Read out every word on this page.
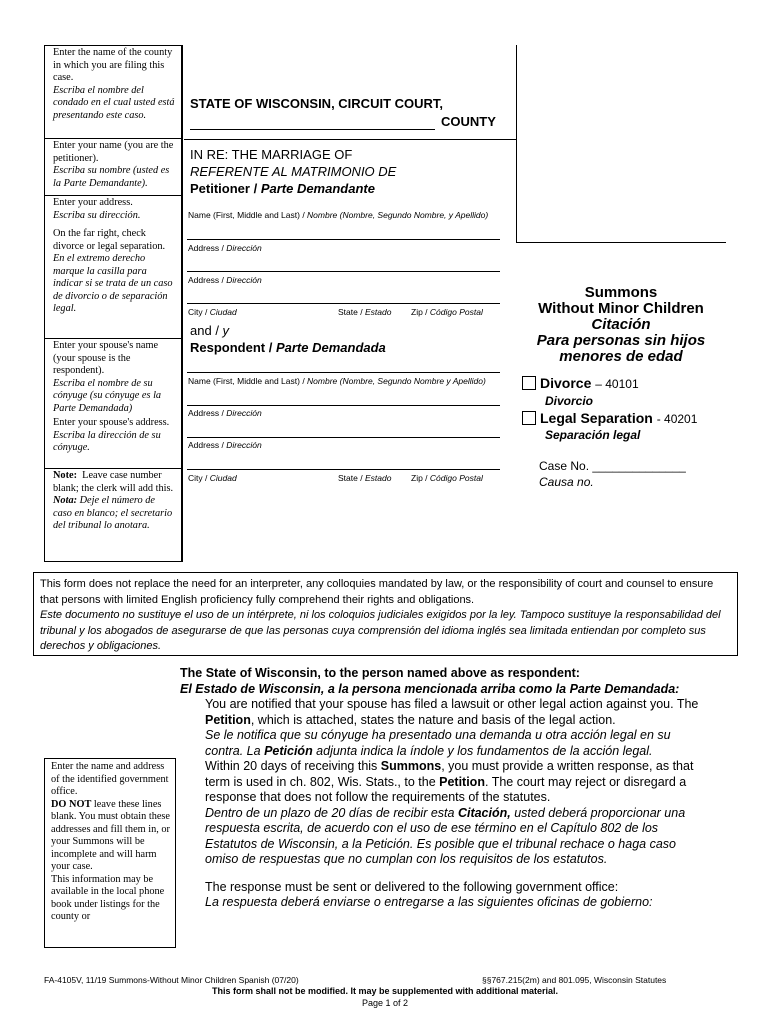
Enter the name of the county in which you are filing this case.
Escriba el nombre del condado en el cual usted está presentando este caso.
Enter your name (you are the petitioner).
Escriba su nombre (usted es la Parte Demandante).
Enter your address.
Escriba su dirección.
On the far right, check divorce or legal separation.
En el extremo derecho marque la casilla para indicar si se trata de un caso de divorcio o de separación legal.
Enter your spouse's name (your spouse is the respondent).
Escriba el nombre de su cónyuge (su cónyuge es la Parte Demandada)
Enter your spouse's address.
Escriba la dirección de su cónyuge.
Note: Leave case number blank; the clerk will add this.
Nota: Deje el número de caso en blanco; el secretario del tribunal lo anotara.
STATE OF WISCONSIN, CIRCUIT COURT,
COUNTY
IN RE: THE MARRIAGE OF
REFERENTE AL MATRIMONIO DE
Petitioner / Parte Demandante
Name (First, Middle and Last) / Nombre (Nombre, Segundo Nombre, y Apellido)
Address / Dirección
Address / Dirección
City / Ciudad	State / Estado Zip / Código Postal
and / y
Respondent / Parte Demandada
Name (First, Middle and Last) / Nombre (Nombre, Segundo Nombre y Apellido)
Address / Dirección
Address / Dirección
City / Ciudad	State / Estado Zip / Código Postal
Summons
Without Minor Children
Citación
Para personas sin hijos
menores de edad
Divorce – 40101
Divorcio
Legal Separation - 40201
Separación legal
Case No. ______________
Causa no.
This form does not replace the need for an interpreter, any colloquies mandated by law, or the responsibility of court and counsel to ensure that persons with limited English proficiency fully comprehend their rights and obligations.
Este documento no sustituye el uso de un intérprete, ni los coloquios judiciales exigidos por la ley. Tampoco sustituye la responsabilidad del tribunal y los abogados de asegurarse de que las personas cuya comprensión del idioma inglés sea limitada entiendan por completo sus derechos y obligaciones.

The State of Wisconsin, to the person named above as respondent:

El Estado de Wisconsin, a la persona mencionada arriba como la Parte Demandada:

You are notified that your spouse has filed a lawsuit or other legal action against you. The Petition, which is attached, states the nature and basis of the legal action.

Se le notifica que su cónyuge ha presentado una demanda u otra acción legal en su contra. La Petición adjunta indica la índole y los fundamentos de la acción legal.

Within 20 days of receiving this Summons, you must provide a written response, as that term is used in ch. 802, Wis. Stats., to the Petition. The court may reject or disregard a response that does not follow the requirements of the statutes.

Dentro de un plazo de 20 días de recibir esta Citación, usted deberá proporcionar una respuesta escrita, de acuerdo con el uso de ese término en el Capítulo 802 de los Estatutos de Wisconsin, a la Petición. Es posible que el tribunal rechace o haga caso omiso de respuestas que no cumplan con los requisitos de los estatutos.

The response must be sent or delivered to the following government office:

La respuesta deberá enviarse o entregarse a las siguientes oficinas de gobierno:

Enter the name and address of the identified government office.
DO NOT leave these lines blank. You must obtain these addresses and fill them in, or your Summons will be incomplete and will harm your case.
This information may be available in the local phone book under listings for the county or
FA-4105V, 11/19 Summons-Without Minor Children Spanish (07/20)	§§767.215(2m) and 801.095, Wisconsin Statutes
This form shall not be modified. It may be supplemented with additional material.
Page 1 of 2
